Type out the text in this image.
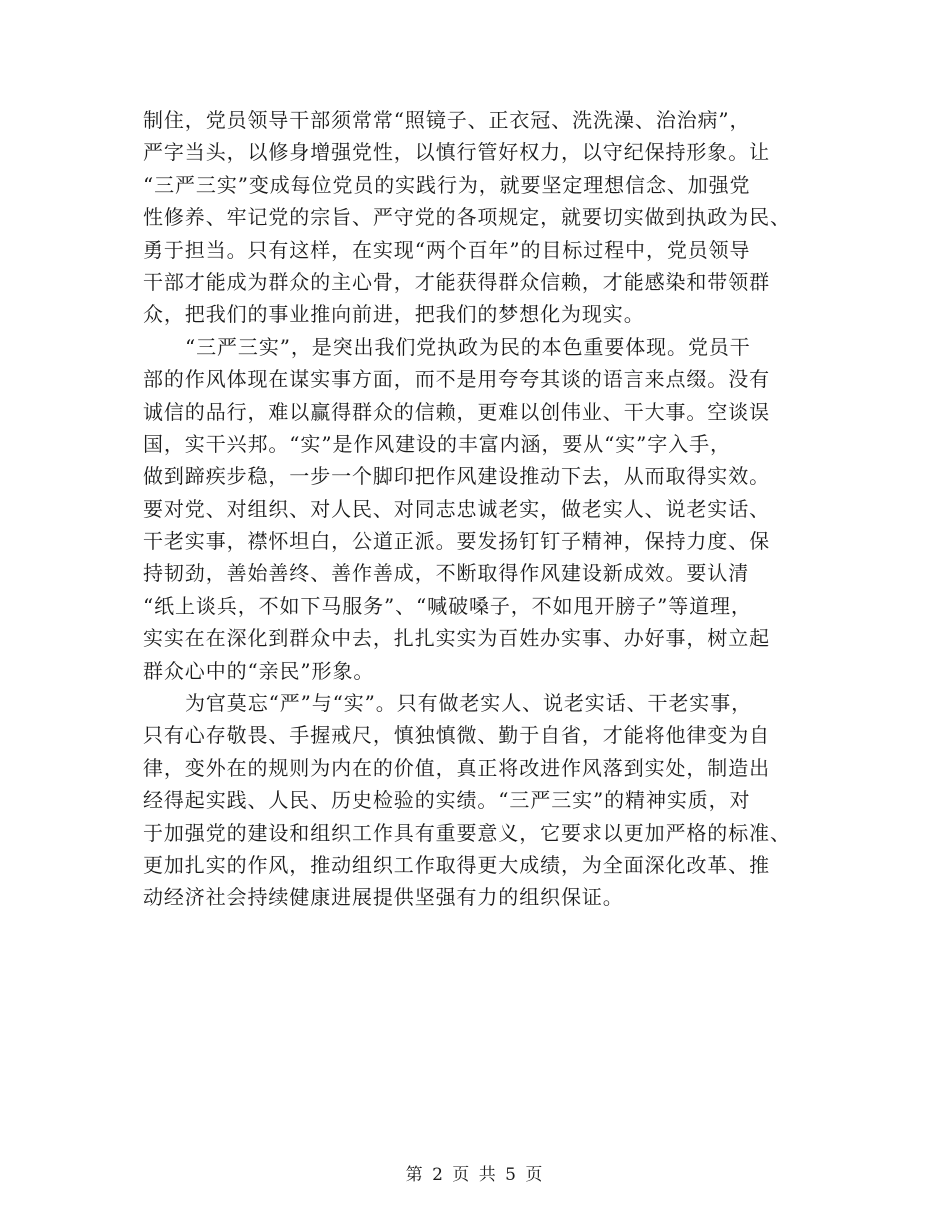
制住，党员领导干部须常常“照镜子、正衣冠、洗洗澡、治治病”，
严字当头，以修身增强党性，以慎行管好权力，以守纪保持形象。让
“三严三实”变成每位党员的实践行为，就要坚定理想信念、加强党
性修养、牢记党的宗旨、严守党的各项规定，就要切实做到执政为民、
勇于担当。只有这样，在实现“两个百年”的目标过程中，党员领导
干部才能成为群众的主心骨，才能获得群众信赖，才能感染和带领群
众，把我们的事业推向前进，把我们的梦想化为现实。
“三严三实”，是突出我们党执政为民的本色重要体现。党员干
部的作风体现在谋实事方面，而不是用夸夸其谈的语言来点缀。没有
诚信的品行，难以赢得群众的信赖，更难以创伟业、干大事。空谈误
国，实干兴邦。“实”是作风建设的丰富内涵，要从“实”字入手，
做到蹄疾步稳，一步一个脚印把作风建设推动下去，从而取得实效。
要对党、对组织、对人民、对同志忠诚老实，做老实人、说老实话、
干老实事，襟怀坦白，公道正派。要发扬钉钉子精神，保持力度、保
持韧劲，善始善终、善作善成，不断取得作风建设新成效。要认清
“纸上谈兵，不如下马服务”、“喊破嗓子，不如甩开膀子”等道理，
实实在在深化到群众中去，扎扎实实为百姓办实事、办好事，树立起
群众心中的“亲民”形象。
为官莫忘“严”与“实”。只有做老实人、说老实话、干老实事，
只有心存敬畏、手握戒尺，慎独慎微、勤于自省，才能将他律变为自
律，变外在的规则为内在的价值，真正将改进作风落到实处，制造出
经得起实践、人民、历史检验的实绩。“三严三实”的精神实质，对
于加强党的建设和组织工作具有重要意义，它要求以更加严格的标准、
更加扎实的作风，推动组织工作取得更大成绩，为全面深化改革、推
动经济社会持续健康进展提供坚强有力的组织保证。
第 2 页 共 5 页
